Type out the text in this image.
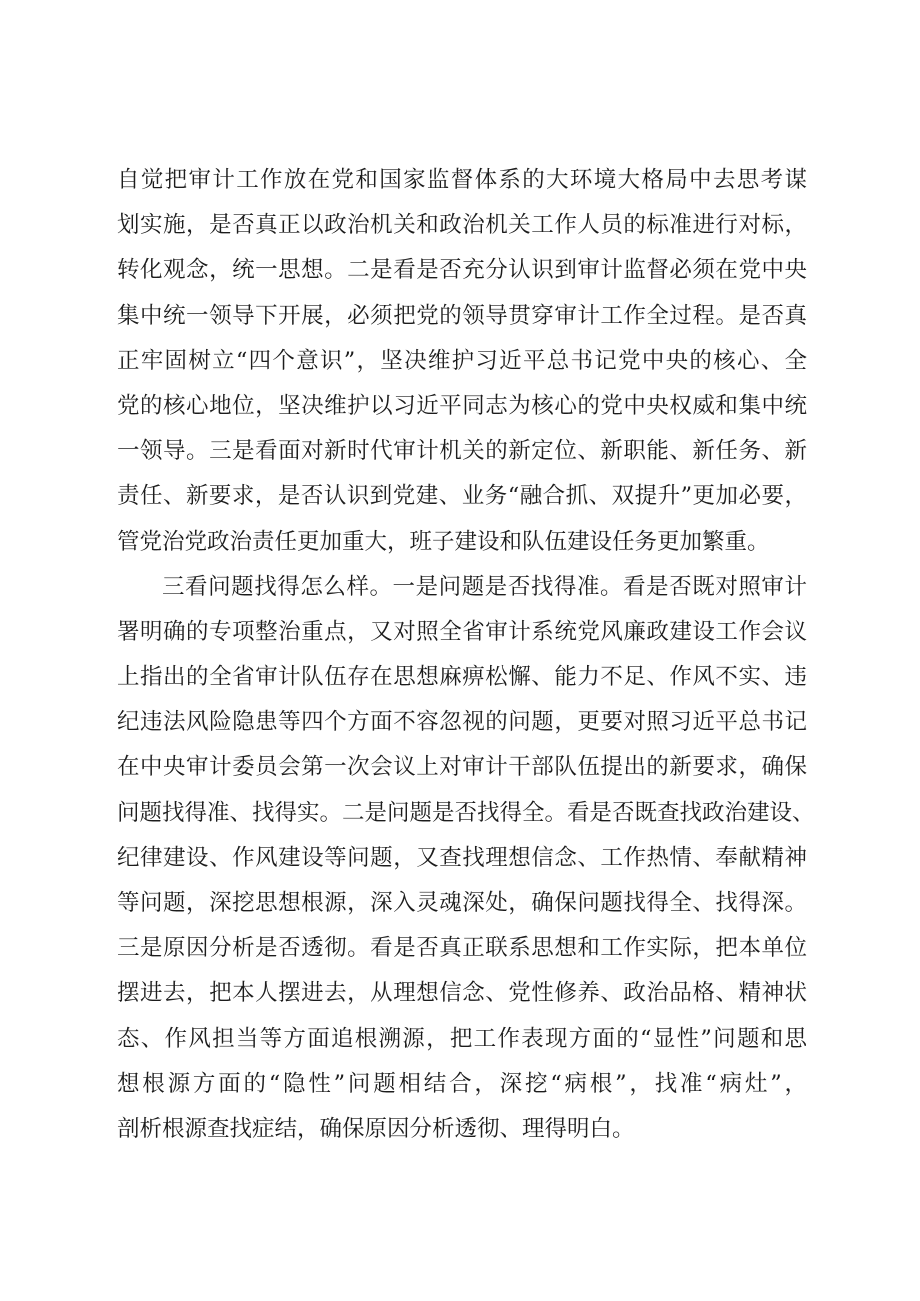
自觉把审计工作放在党和国家监督体系的大环境大格局中去思考谋
划实施，是否真正以政治机关和政治机关工作人员的标准进行对标，
转化观念，统一思想。二是看是否充分认识到审计监督必须在党中央
集中统一领导下开展，必须把党的领导贯穿审计工作全过程。是否真
正牢固树立“四个意识”，坚决维护习近平总书记党中央的核心、全
党的核心地位，坚决维护以习近平同志为核心的党中央权威和集中统
一领导。三是看面对新时代审计机关的新定位、新职能、新任务、新
责任、新要求，是否认识到党建、业务“融合抓、双提升”更加必要，
管党治党政治责任更加重大，班子建设和队伍建设任务更加繁重。
三看问题找得怎么样。一是问题是否找得准。看是否既对照审计
署明确的专项整治重点，又对照全省审计系统党风廉政建设工作会议
上指出的全省审计队伍存在思想麻痹松懈、能力不足、作风不实、违
纪违法风险隐患等四个方面不容忽视的问题，更要对照习近平总书记
在中央审计委员会第一次会议上对审计干部队伍提出的新要求，确保
问题找得准、找得实。二是问题是否找得全。看是否既查找政治建设、
纪律建设、作风建设等问题，又查找理想信念、工作热情、奉献精神
等问题，深挖思想根源，深入灵魂深处，确保问题找得全、找得深。
三是原因分析是否透彻。看是否真正联系思想和工作实际，把本单位
摆进去，把本人摆进去，从理想信念、党性修养、政治品格、精神状
态、作风担当等方面追根溯源，把工作表现方面的“显性”问题和思
想根源方面的“隐性”问题相结合，深挖“病根”，找准“病灶”，
剖析根源查找症结，确保原因分析透彻、理得明白。
